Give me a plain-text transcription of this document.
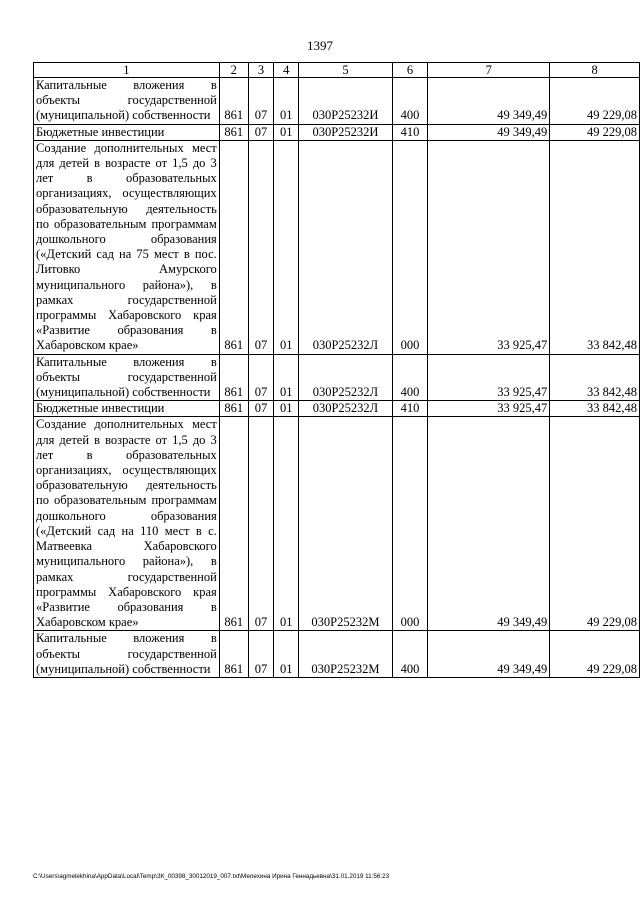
1397
1	2	3	4	5	6	7	8
Капитальные вложения в объекты государственной (муниципальной) собственности	861	07	01	030P25232И	400	49 349,49	49 229,08
Бюджетные инвестиции	861	07	01	030P25232И	410	49 349,49	49 229,08
Создание дополнительных мест для детей в возрасте от 1,5 до 3 лет в образовательных организациях, осуществляющих образовательную деятельность по образовательным программам дошкольного образования («Детский сад на 75 мест в пос. Литовко Амурского муниципального района»), в рамках государственной программы Хабаровского края «Развитие образования в Хабаровском крае»	861	07	01	030P25232Л	000	33 925,47	33 842,48
Капитальные вложения в объекты государственной (муниципальной) собственности	861	07	01	030P25232Л	400	33 925,47	33 842,48
Бюджетные инвестиции	861	07	01	030P25232Л	410	33 925,47	33 842,48
Создание дополнительных мест для детей в возрасте от 1,5 до 3 лет в образовательных организациях, осуществляющих образовательную деятельность по образовательным программам дошкольного образования («Детский сад на 110 мест в с. Матвеевка Хабаровского муниципального района»), в рамках государственной программы Хабаровского края «Развитие образования в Хабаровском крае»	861	07	01	030P25232M	000	49 349,49	49 229,08
Капитальные вложения в объекты государственной (муниципальной) собственности	861	07	01	030P25232M	400	49 349,49	49 229,08
C:\Users\agmelekhina\AppData\Local\Temp\ЗК_00398_30012019_007.txt\Мелехина Ирина Геннадьевна\31.01.2019 11:56:23
